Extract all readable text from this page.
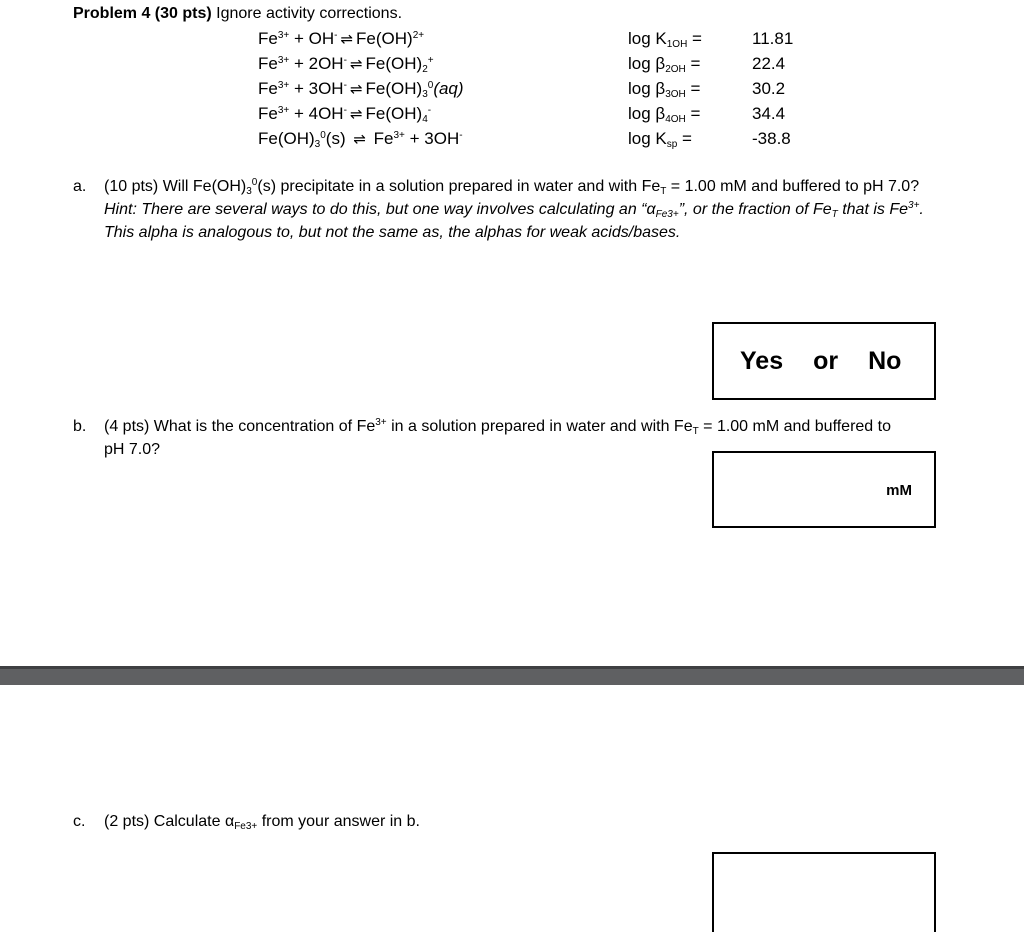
Problem 4 (30 pts) Ignore activity corrections.
$Fe^{3+} + OH^-$ ⇌ Fe(OH)$^{2+}$	$\log K_{1OH}$ =	11.81
$Fe^{3+} + 2OH^-$ ⇌ $Fe(OH)_2^+$	$\log \beta_{2OH}$ =	22.4
$Fe^{3+} + 3OH^-$ ⇌ $Fe(OH)_3^0(aq)$	$\log \beta_{3OH}$ =	30.2
$Fe^{3+} + 4OH^-$ ⇌ $Fe(OH)_4^-$	$\log \beta_{4OH}$ =	34.4
$Fe(OH)_3^0(s)$ ⇌ $Fe^{3+} + 3OH^-$	$\log K_{sp}$ =	-38.8
a. (10 pts) Will $Fe(OH)_3^0(s)$ precipitate in a solution prepared in water and with $Fe_T = 1.00$ mM and buffered to pH 7.0? Hint: There are several ways to do this, but one way involves calculating an “$\alpha_{Fe3+}$”, or the fraction of $Fe_T$ that is $Fe^{3+}$. This alpha is analogous to, but not the same as, the alphas for weak acids/bases.
Yes or No
b. (4 pts) What is the concentration of $Fe^{3+}$ in a solution prepared in water and with $Fe_T = 1.00$ mM and buffered to pH 7.0?
mM
c. (2 pts) Calculate $\alpha_{Fe3+}$ from your answer in b.
